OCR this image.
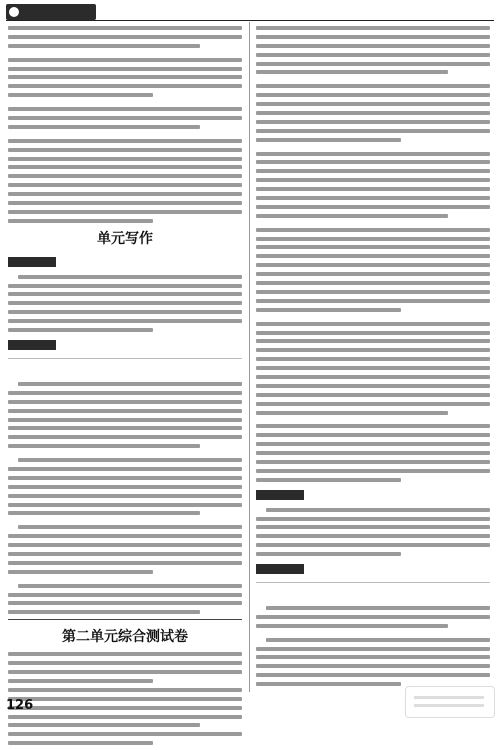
单元写作
第二单元综合测试卷
126
